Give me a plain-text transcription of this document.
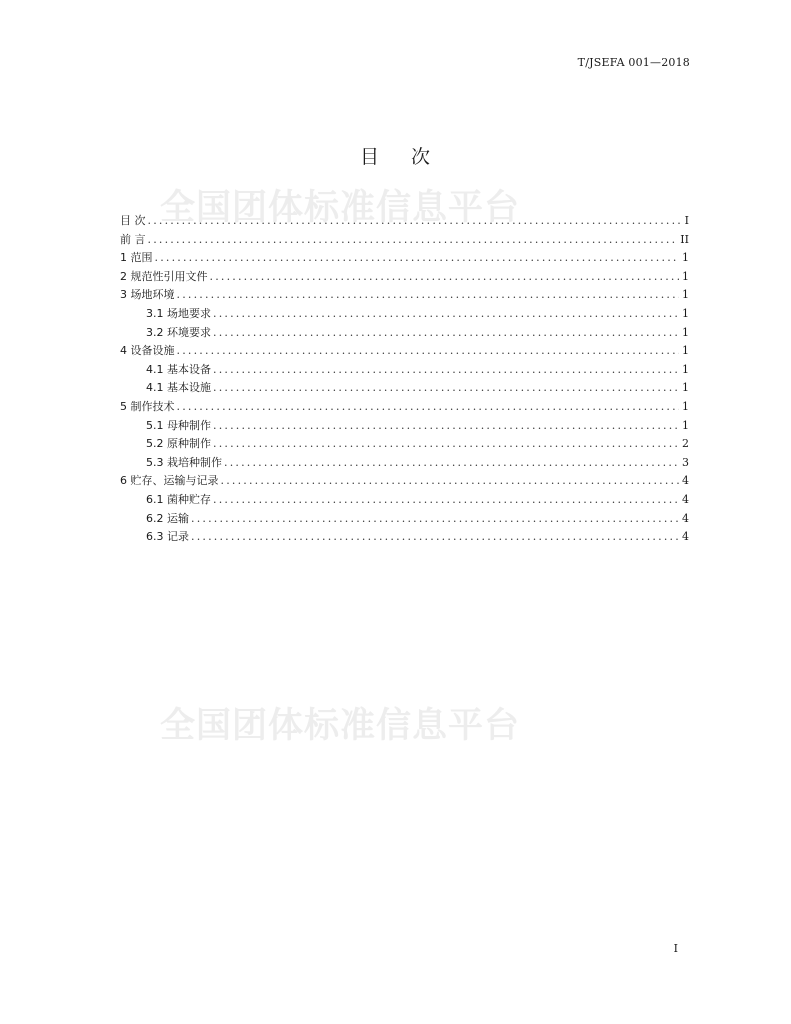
T/JSEFA 001—2018
全国团体标准信息平台
全国团体标准信息平台
目 次
目 次 .....	I
前 言 .....	II
1 范围 .....	1
2 规范性引用文件 .....	1
3 场地环境 .....	1
3.1 场地要求 .....	1
3.2 环境要求 .....	1
4 设备设施 .....	1
4.1 基本设备 .....	1
4.1 基本设施 .....	1
5 制作技术 .....	1
5.1 母种制作 .....	1
5.2 原种制作 .....	2
5.3 栽培种制作 .....	3
6 贮存、运输与记录 .....	4
6.1 菌种贮存 .....	4
6.2 运输 .....	4
6.3 记录 .....	4
I
